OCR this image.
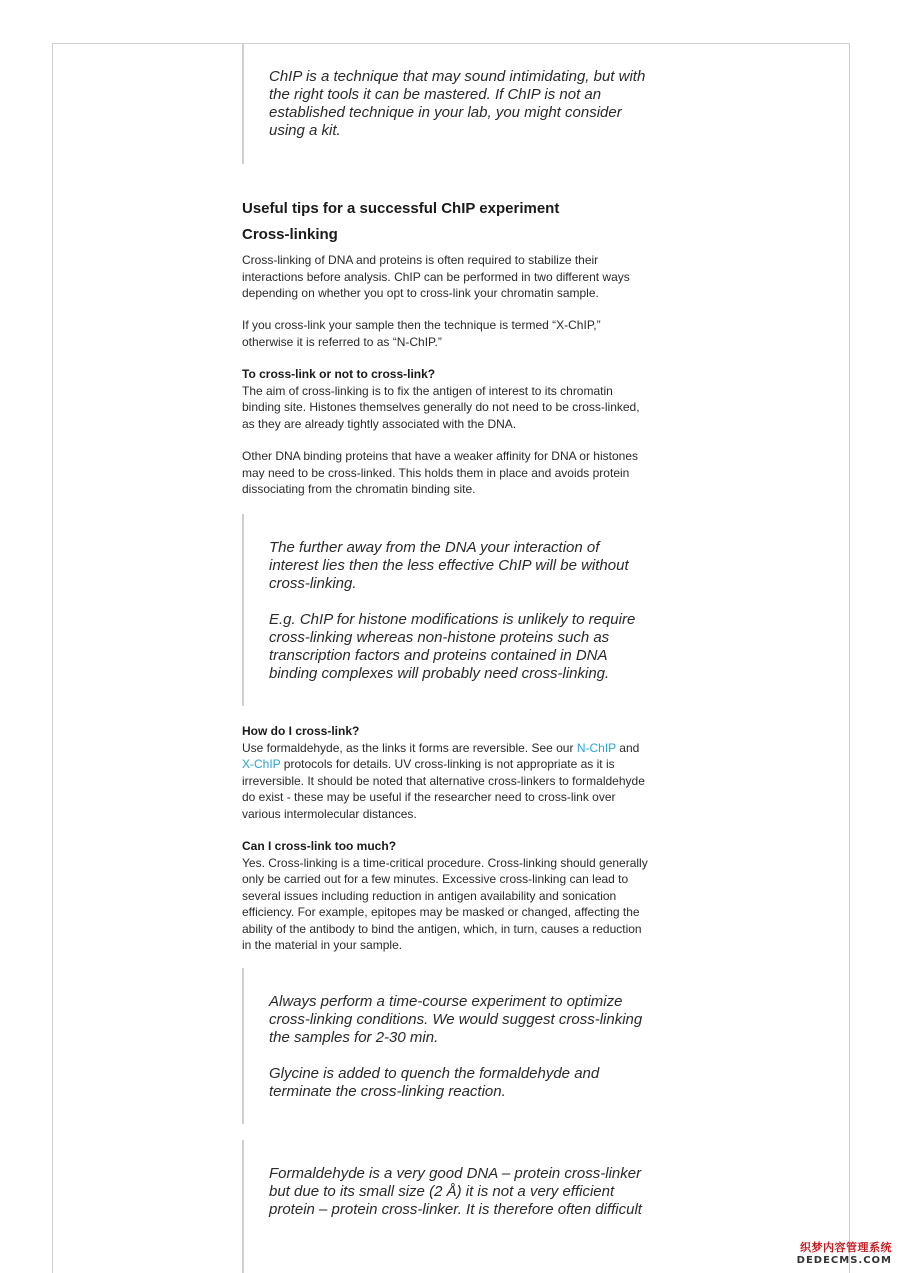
ChIP is a technique that may sound intimidating, but with the right tools it can be mastered. If ChIP is not an established technique in your lab, you might consider using a kit.

Useful tips for a successful ChIP experiment
Cross-linking

Cross-linking of DNA and proteins is often required to stabilize their interactions before analysis. ChIP can be performed in two different ways depending on whether you opt to cross-link your chromatin sample.

If you cross-link your sample then the technique is termed “X-ChIP,” otherwise it is referred to as “N-ChIP.”

To cross-link or not to cross-link?

The aim of cross-linking is to fix the antigen of interest to its chromatin binding site. Histones themselves generally do not need to be cross-linked, as they are already tightly associated with the DNA.

Other DNA binding proteins that have a weaker affinity for DNA or histones may need to be cross-linked. This holds them in place and avoids protein dissociating from the chromatin binding site.

The further away from the DNA your interaction of interest lies then the less effective ChIP will be without cross-linking.

E.g. ChIP for histone modifications is unlikely to require cross-linking whereas non-histone proteins such as transcription factors and proteins contained in DNA binding complexes will probably need cross-linking.

How do I cross-link?

Use formaldehyde, as the links it forms are reversible. See our N-ChIP and X-ChIP protocols for details. UV cross-linking is not appropriate as it is irreversible. It should be noted that alternative cross-linkers to formaldehyde do exist - these may be useful if the researcher need to cross-link over various intermolecular distances.

Can I cross-link too much?

Yes. Cross-linking is a time-critical procedure. Cross-linking should generally only be carried out for a few minutes. Excessive cross-linking can lead to several issues including reduction in antigen availability and sonication efficiency. For example, epitopes may be masked or changed, affecting the ability of the antibody to bind the antigen, which, in turn, causes a reduction in the material in your sample.

Always perform a time-course experiment to optimize cross-linking conditions. We would suggest cross-linking the samples for 2-30 min.

Glycine is added to quench the formaldehyde and terminate the cross-linking reaction.

Formaldehyde is a very good DNA – protein cross-linker but due to its small size (2 Å) it is not a very efficient protein – protein cross-linker. It is therefore often difficult

织梦内容管理系统
DEDECMS.COM
